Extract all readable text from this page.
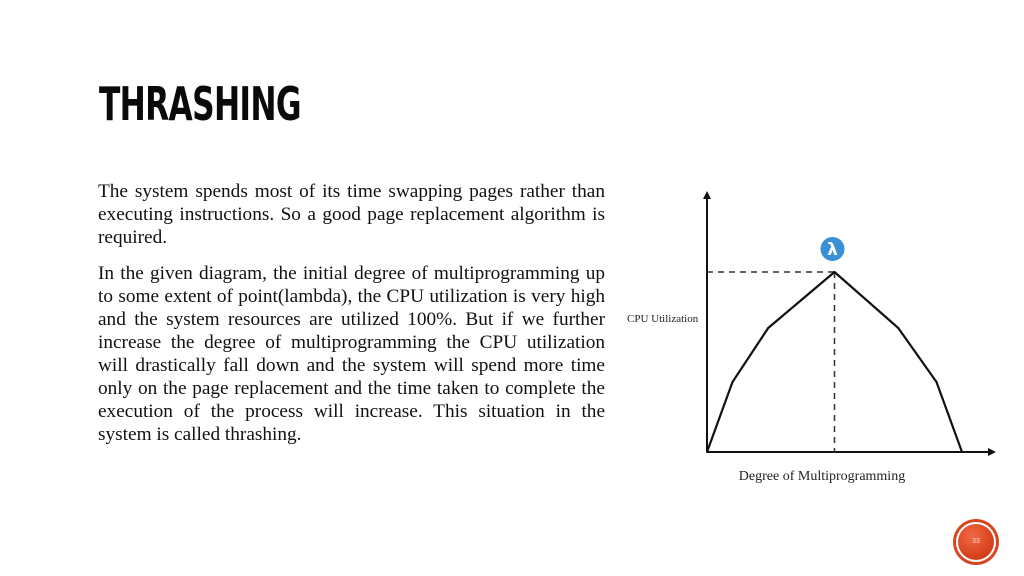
THRASHING

The system spends most of its time swapping pages rather than executing instructions. So a good page replacement algorithm is required.

In the given diagram, the initial degree of multiprogramming up to some extent of point(lambda), the CPU utilization is very high and the system resources are utilized 100%. But if we further increase the degree of multiprogramming the CPU utilization will drastically fall down and the system will spend more time only on the page replacement and the time taken to complete the execution of the process will increase. This situation in the system is called thrashing.

λ
CPU Utilization
Degree of Multiprogramming
33
